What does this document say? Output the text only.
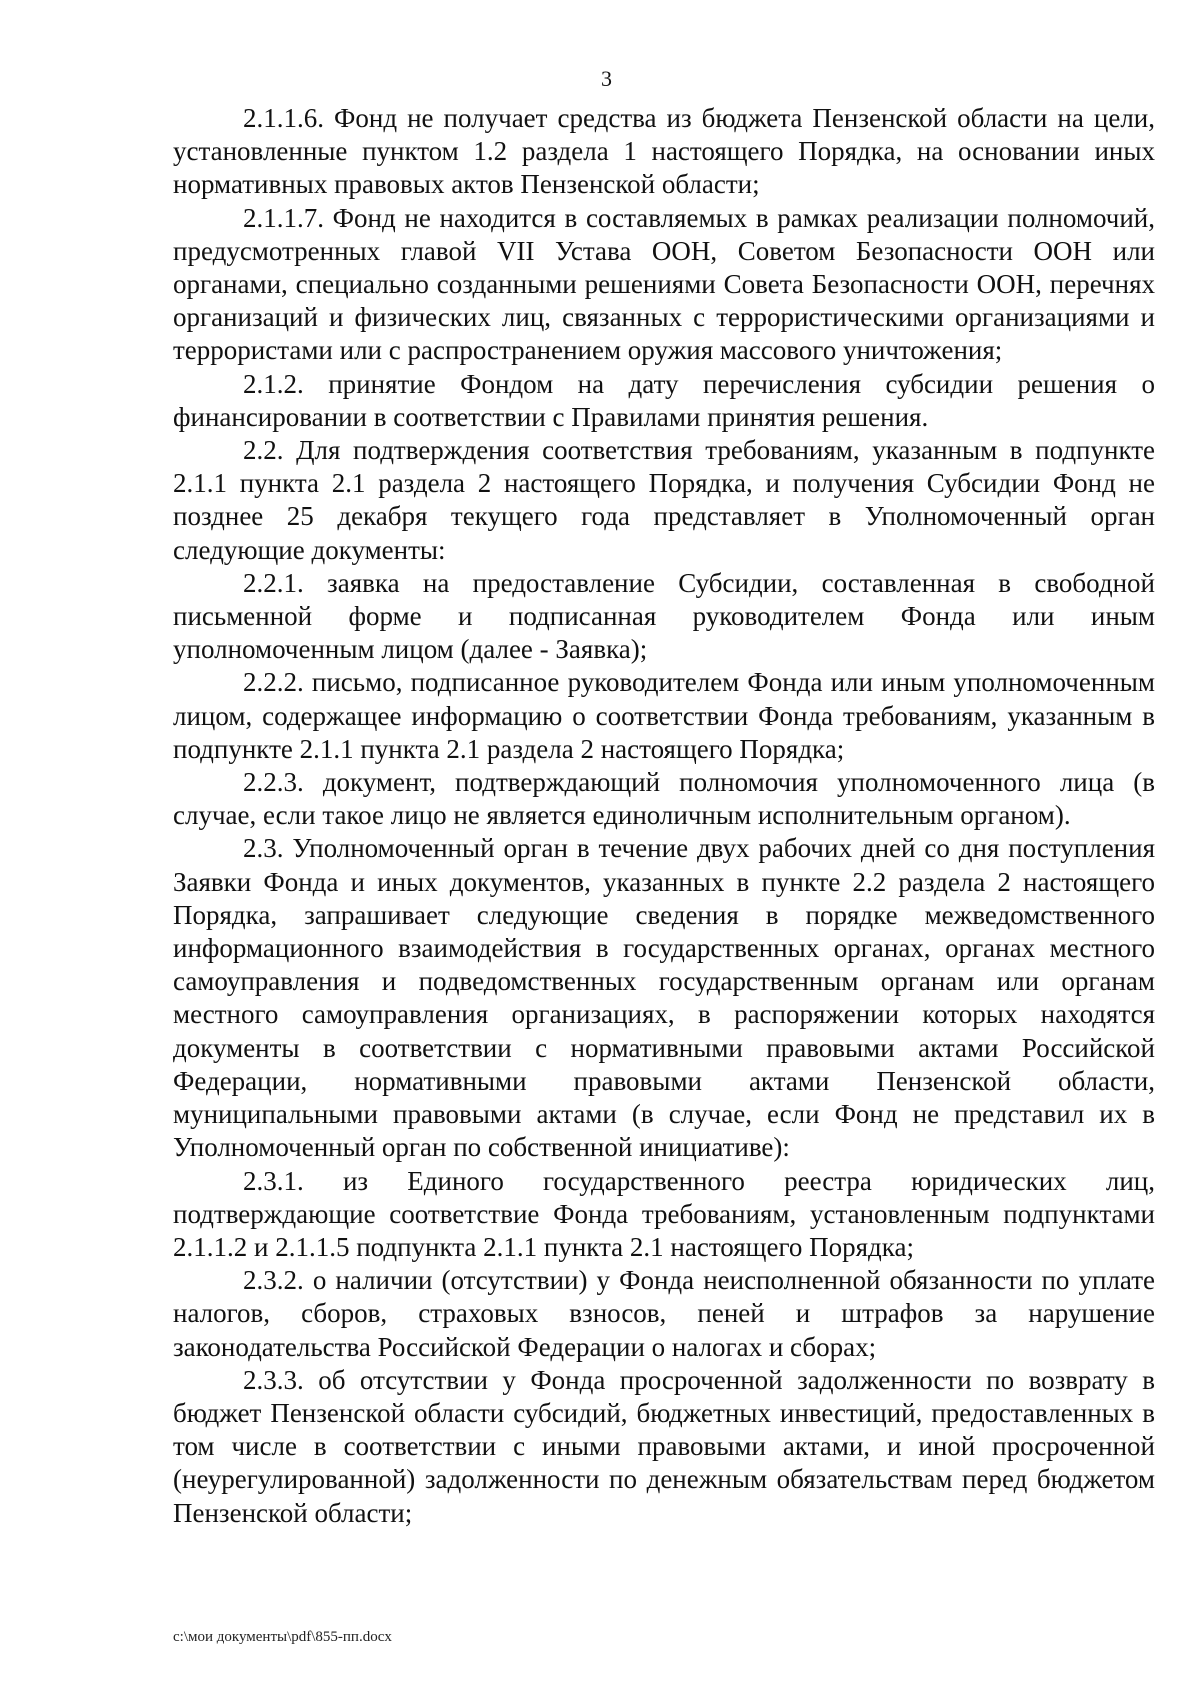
3

2.1.1.6. Фонд не получает средства из бюджета Пензенской области на цели, установленные пунктом 1.2 раздела 1 настоящего Порядка, на основании иных нормативных правовых актов Пензенской области;

2.1.1.7. Фонд не находится в составляемых в рамках реализации полномочий, предусмотренных главой VII Устава ООН, Советом Безопасности ООН или органами, специально созданными решениями Совета Безопасности ООН, перечнях организаций и физических лиц, связанных с террористическими организациями и террористами или с распространением оружия массового уничтожения;

2.1.2. принятие Фондом на дату перечисления субсидии решения о финансировании в соответствии с Правилами принятия решения.

2.2. Для подтверждения соответствия требованиям, указанным в подпункте 2.1.1 пункта 2.1 раздела 2 настоящего Порядка, и получения Субсидии Фонд не позднее 25 декабря текущего года представляет в Уполномоченный орган следующие документы:

2.2.1. заявка на предоставление Субсидии, составленная в свободной письменной форме и подписанная руководителем Фонда или иным уполномоченным лицом (далее - Заявка);

2.2.2. письмо, подписанное руководителем Фонда или иным уполномоченным лицом, содержащее информацию о соответствии Фонда требованиям, указанным в подпункте 2.1.1 пункта 2.1 раздела 2 настоящего Порядка;

2.2.3. документ, подтверждающий полномочия уполномоченного лица (в случае, если такое лицо не является единоличным исполнительным органом).

2.3. Уполномоченный орган в течение двух рабочих дней со дня поступления Заявки Фонда и иных документов, указанных в пункте 2.2 раздела 2 настоящего Порядка, запрашивает следующие сведения в порядке межведомственного информационного взаимодействия в государственных органах, органах местного самоуправления и подведомственных государственным органам или органам местного самоуправления организациях, в распоряжении которых находятся документы в соответствии с нормативными правовыми актами Российской Федерации, нормативными правовыми актами Пензенской области, муниципальными правовыми актами (в случае, если Фонд не представил их в Уполномоченный орган по собственной инициативе):

2.3.1. из Единого государственного реестра юридических лиц, подтверждающие соответствие Фонда требованиям, установленным подпунктами 2.1.1.2 и 2.1.1.5 подпункта 2.1.1 пункта 2.1 настоящего Порядка;

2.3.2. о наличии (отсутствии) у Фонда неисполненной обязанности по уплате налогов, сборов, страховых взносов, пеней и штрафов за нарушение законодательства Российской Федерации о налогах и сборах;

2.3.3. об отсутствии у Фонда просроченной задолженности по возврату в бюджет Пензенской области субсидий, бюджетных инвестиций, предоставленных в том числе в соответствии с иными правовыми актами, и иной просроченной (неурегулированной) задолженности по денежным обязательствам перед бюджетом Пензенской области;

c:\мои документы\pdf\855-пп.docx
